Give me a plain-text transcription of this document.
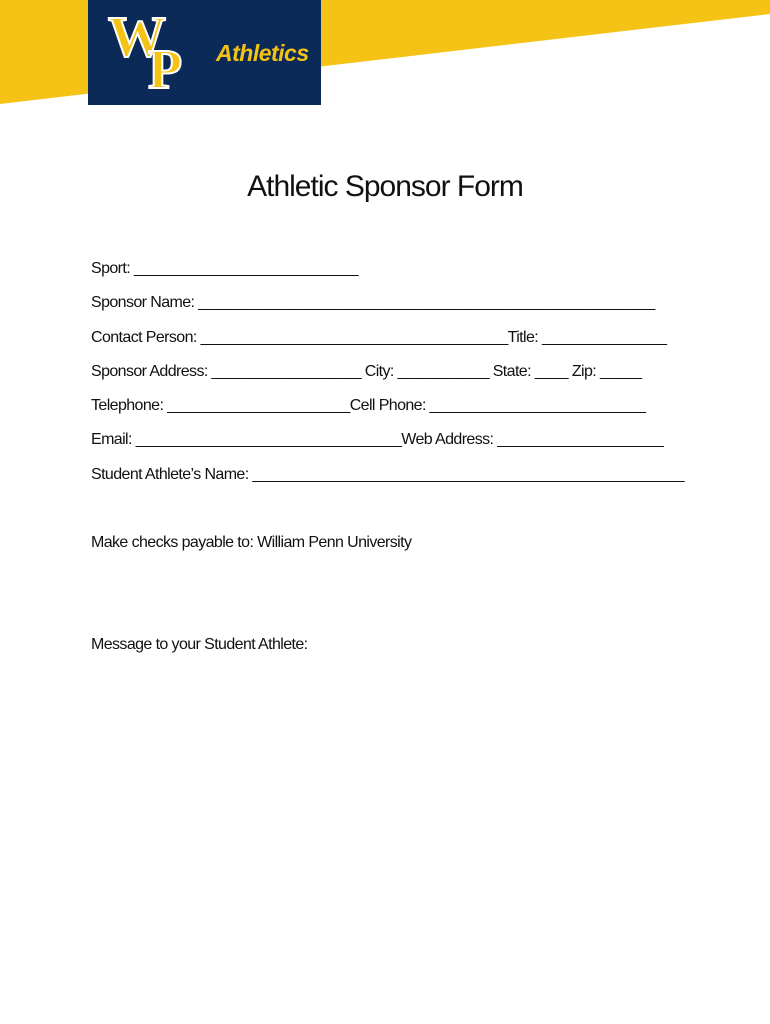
W
P Athletics
Athletic Sponsor Form
Sport: ___________________________
Sponsor Name: _______________________________________________________
Contact Person: _____________________________________Title: _______________
Sponsor Address: __________________ City: ___________ State: ____ Zip: _____
Telephone: ______________________Cell Phone: __________________________
Email: ________________________________Web Address: ____________________
Student Athlete’s Name: ____________________________________________________
Make checks payable to: William Penn University
Message to your Student Athlete:
